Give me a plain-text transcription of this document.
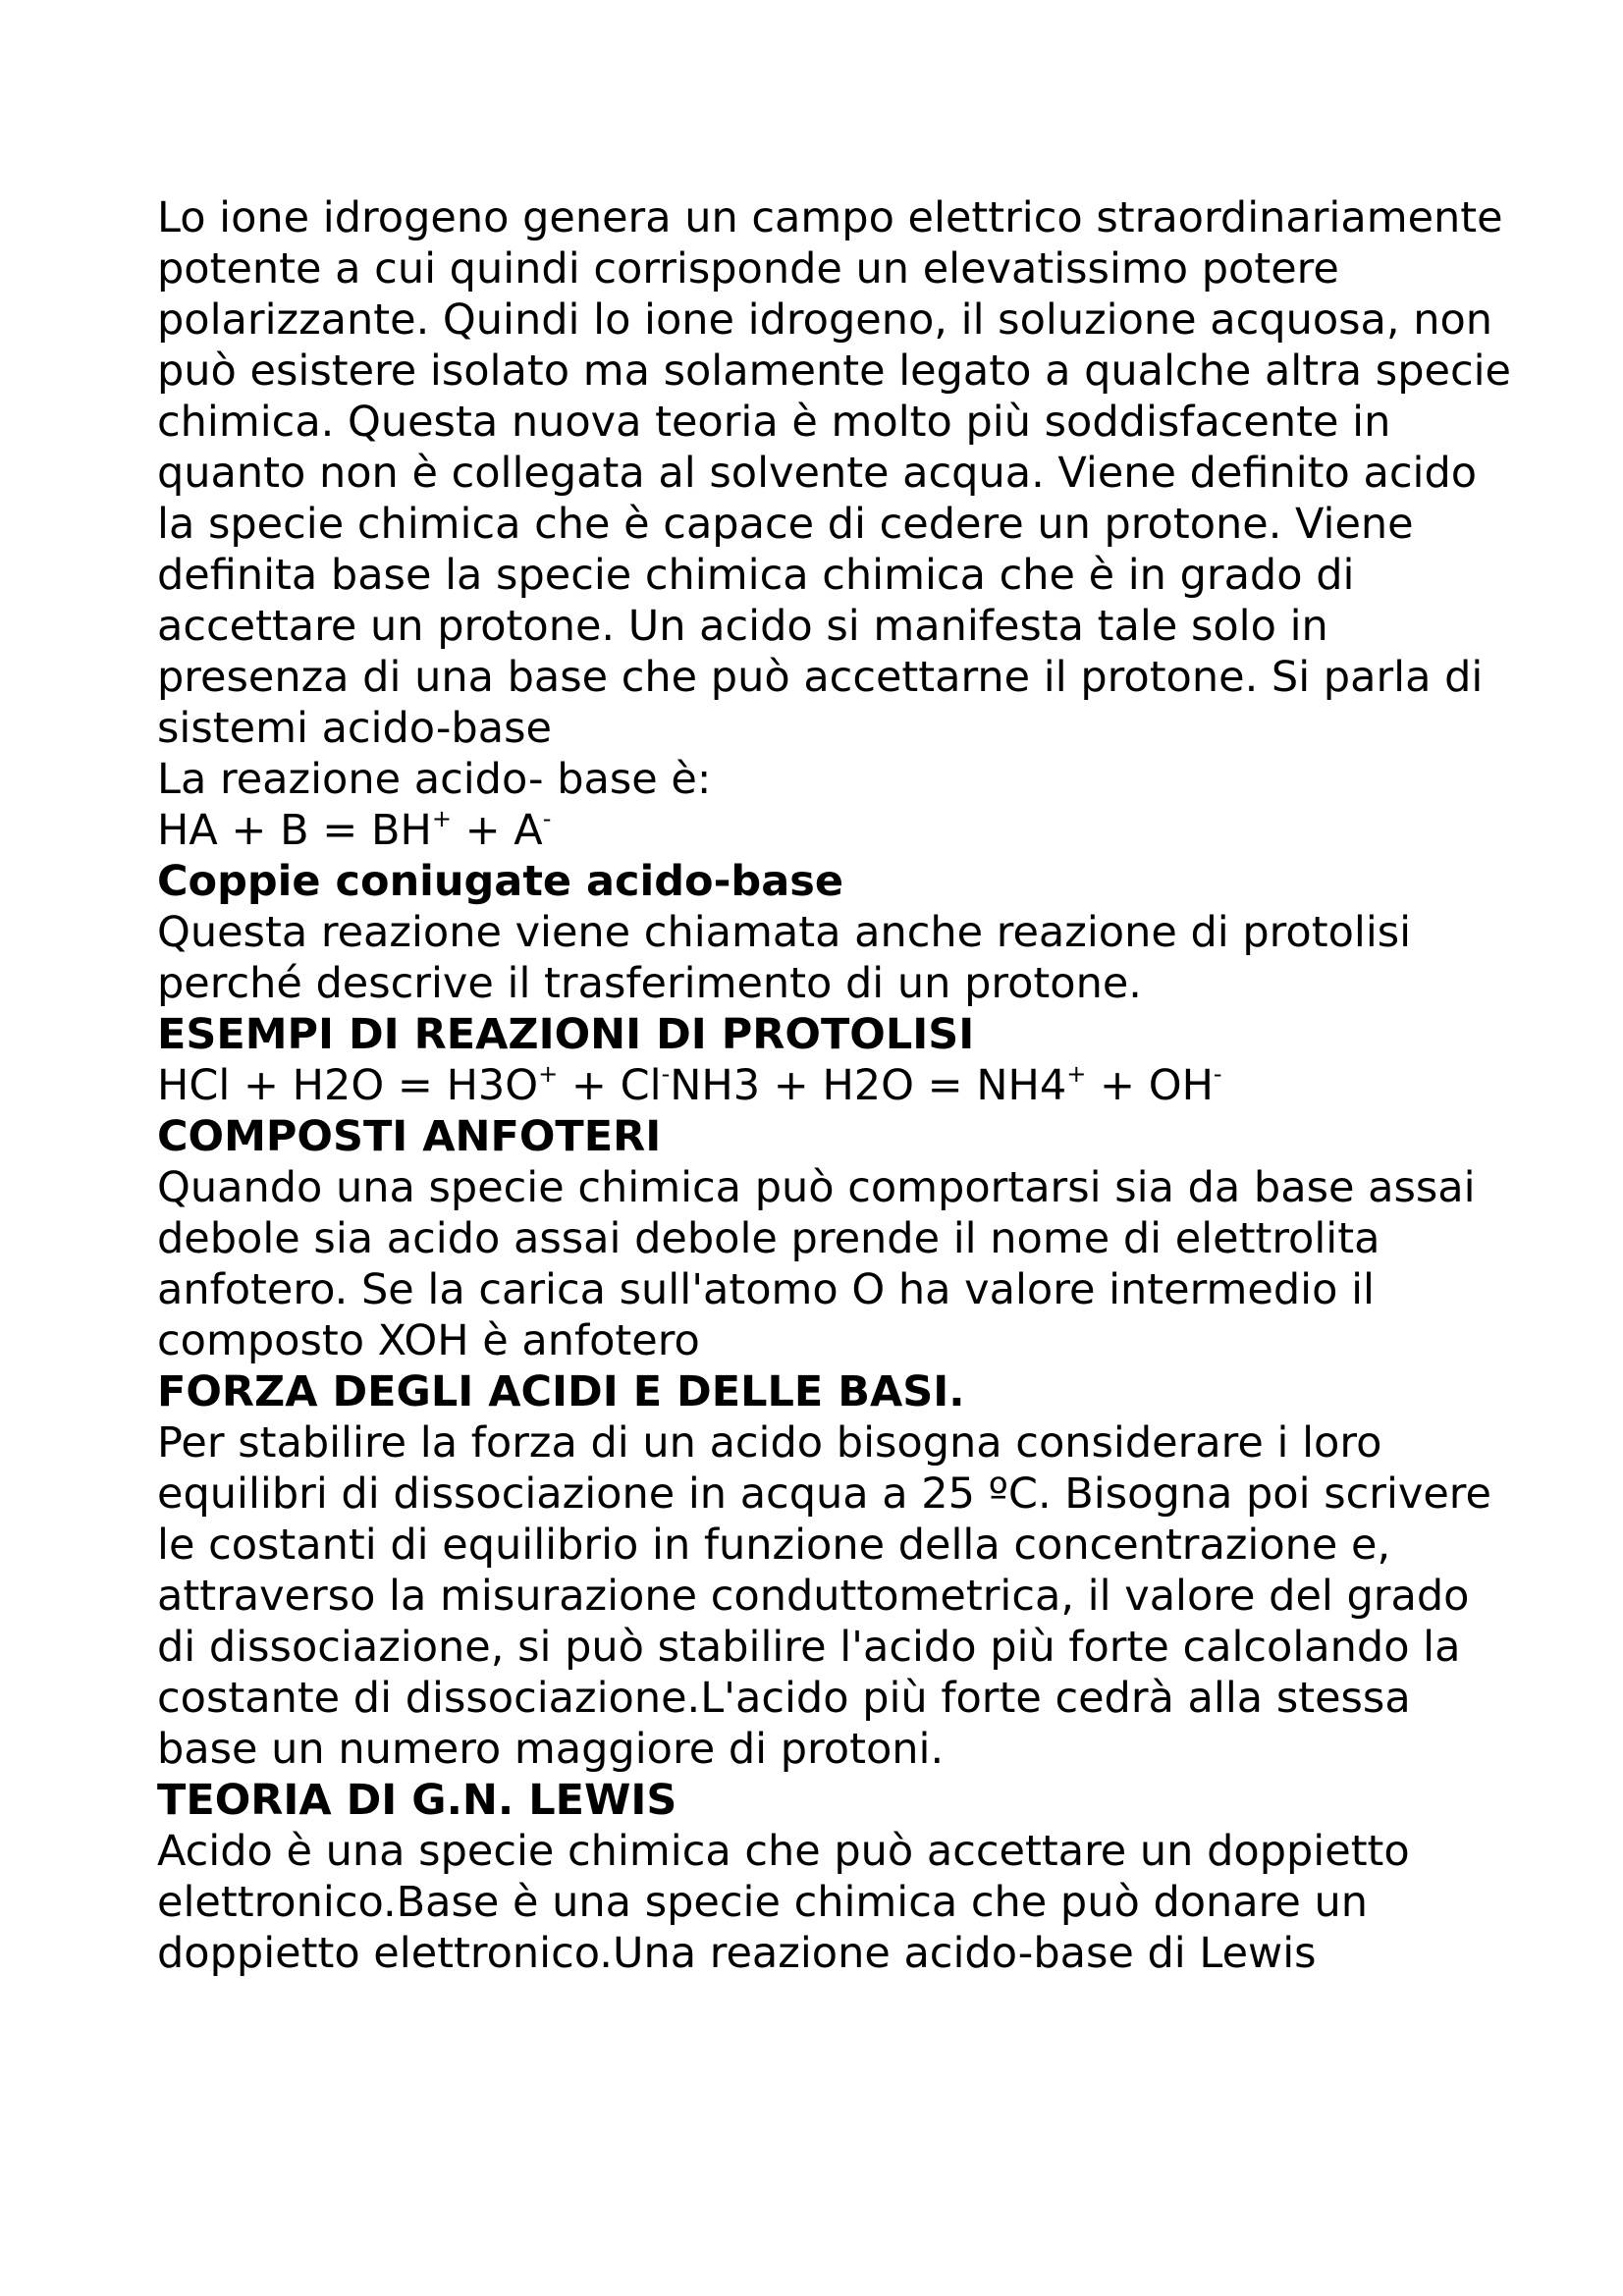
Lo ione idrogeno genera un campo elettrico straordinariamente potente a cui quindi corrisponde un elevatissimo potere polarizzante. Quindi lo ione idrogeno, il soluzione acquosa, non può esistere isolato ma solamente legato a qualche altra specie chimica. Questa nuova teoria è molto più soddisfacente in quanto non è collegata al solvente acqua. Viene definito acido la specie chimica che è capace di cedere un protone. Viene definita base la specie chimica chimica che è in grado di accettare un protone. Un acido si manifesta tale solo in presenza di una base che può accettarne il protone. Si parla di sistemi acido-base

La reazione acido- base è:

HA + B = BH+ + A-

Coppie coniugate acido-base

Questa reazione viene chiamata anche reazione di protolisi perché descrive il trasferimento di un protone.

ESEMPI DI REAZIONI DI PROTOLISI

HCl + H2O = H3O+ + Cl-NH3 + H2O = NH4+ + OH-

COMPOSTI ANFOTERI

Quando una specie chimica può comportarsi sia da base assai debole sia acido assai debole prende il nome di elettrolita anfotero. Se la carica sull'atomo O ha valore intermedio il composto XOH è anfotero

FORZA DEGLI ACIDI E DELLE BASI.

Per stabilire la forza di un acido bisogna considerare i loro equilibri di dissociazione in acqua a 25 ºC. Bisogna poi scrivere le costanti di equilibrio in funzione della concentrazione e, attraverso la misurazione conduttometrica, il valore del grado di dissociazione, si può stabilire l'acido più forte calcolando la costante di dissociazione.L'acido più forte cedrà alla stessa base un numero maggiore di protoni.

TEORIA DI G.N. LEWIS

Acido è una specie chimica che può accettare un doppietto elettronico.Base è una specie chimica che può donare un doppietto elettronico.Una reazione acido-base di Lewis
